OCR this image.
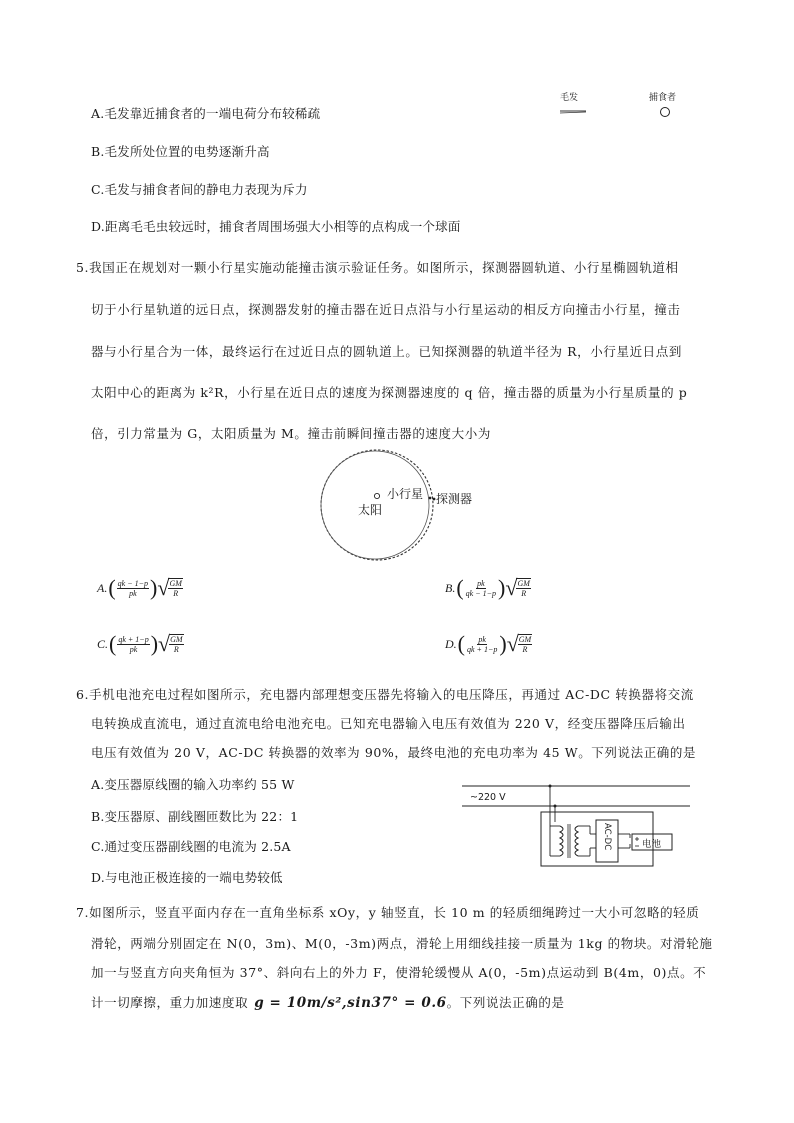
A.毛发靠近捕食者的一端电荷分布较稀疏
B.毛发所处位置的电势逐渐升高
C.毛发与捕食者间的静电力表现为斥力
D.距离毛毛虫较远时，捕食者周围场强大小相等的点构成一个球面
毛发	捕食者
5.我国正在规划对一颗小行星实施动能撞击演示验证任务。如图所示，探测器圆轨道、小行星椭圆轨道相
切于小行星轨道的远日点，探测器发射的撞击器在近日点沿与小行星运动的相反方向撞击小行星，撞击
器与小行星合为一体，最终运行在过近日点的圆轨道上。已知探测器的轨道半径为 R，小行星近日点到
太阳中心的距离为 k²R，小行星在近日点的速度为探测器速度的 q 倍，撞击器的质量为小行星质量的 p
倍，引力常量为 G，太阳质量为 M。撞击前瞬间撞击器的速度大小为
太阳
小行星 探测器
A. ( $\frac{qk - 1-p}{pk}$ ) √ $\frac{GM}{R}$	B. ( $\frac{pk}{qk - 1-p}$ ) √ $\frac{GM}{R}$
C. ( $\frac{qk + 1-p}{pk}$ ) √ $\frac{GM}{R}$	D. ( $\frac{pk}{qk + 1-p}$ ) √ $\frac{GM}{R}$
6.手机电池充电过程如图所示，充电器内部理想变压器先将输入的电压降压，再通过 AC-DC 转换器将交流
电转换成直流电，通过直流电给电池充电。已知充电器输入电压有效值为 220 V，经变压器降压后输出
电压有效值为 20 V，AC-DC 转换器的效率为 90%，最终电池的充电功率为 45 W。下列说法正确的是
A.变压器原线圈的输入功率约 55 W
B.变压器原、副线圈匝数比为 22：1
C.通过变压器副线圈的电流为 2.5A
D.与电池正极连接的一端电势较低
~220 V
AC-DC	电池
7.如图所示，竖直平面内存在一直角坐标系 xOy，y 轴竖直，长 10 m 的轻质细绳跨过一大小可忽略的轻质
滑轮，两端分别固定在 N(0，3m)、M(0，-3m)两点，滑轮上用细线挂接一质量为 1kg 的物块。对滑轮施
加一与竖直方向夹角恒为 37°、斜向右上的外力 F，使滑轮缓慢从 A(0，-5m)点运动到 B(4m，0)点。不
计一切摩擦，重力加速度取 g = 10m/s²,sin37° = 0.6 。下列说法正确的是
